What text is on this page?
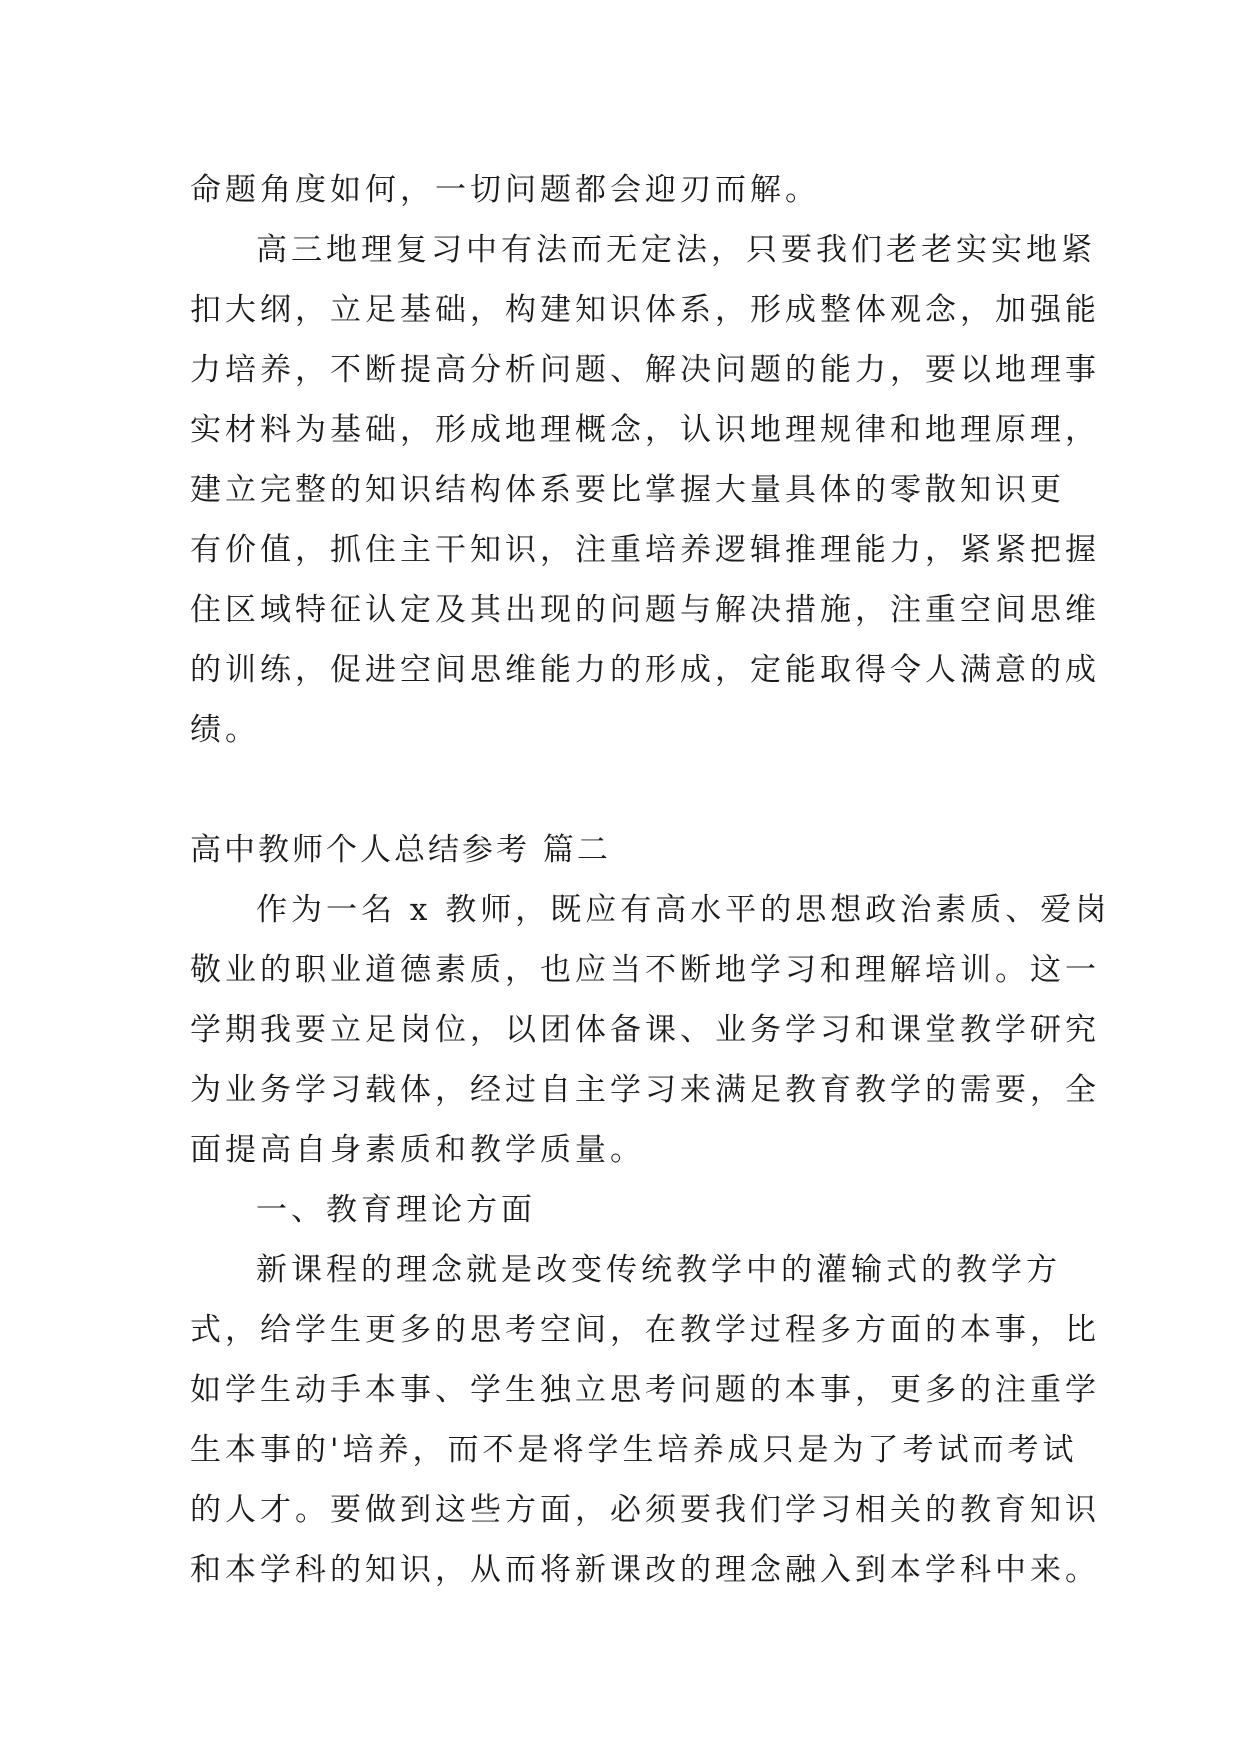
命题角度如何，一切问题都会迎刃而解。
高三地理复习中有法而无定法，只要我们老老实实地紧
扣大纲，立足基础，构建知识体系，形成整体观念，加强能
力培养，不断提高分析问题、解决问题的能力，要以地理事
实材料为基础，形成地理概念，认识地理规律和地理原理，
建立完整的知识结构体系要比掌握大量具体的零散知识更
有价值，抓住主干知识，注重培养逻辑推理能力，紧紧把握
住区域特征认定及其出现的问题与解决措施，注重空间思维
的训练，促进空间思维能力的形成，定能取得令人满意的成
绩。
高中教师个人总结参考 篇二
作为一名 x 教师，既应有高水平的思想政治素质、爱岗
敬业的职业道德素质，也应当不断地学习和理解培训。这一
学期我要立足岗位，以团体备课、业务学习和课堂教学研究
为业务学习载体，经过自主学习来满足教育教学的需要，全
面提高自身素质和教学质量。
一、教育理论方面
新课程的理念就是改变传统教学中的灌输式的教学方
式，给学生更多的思考空间，在教学过程多方面的本事，比
如学生动手本事、学生独立思考问题的本事，更多的注重学
生本事的'培养，而不是将学生培养成只是为了考试而考试
的人才。要做到这些方面，必须要我们学习相关的教育知识
和本学科的知识，从而将新课改的理念融入到本学科中来。
